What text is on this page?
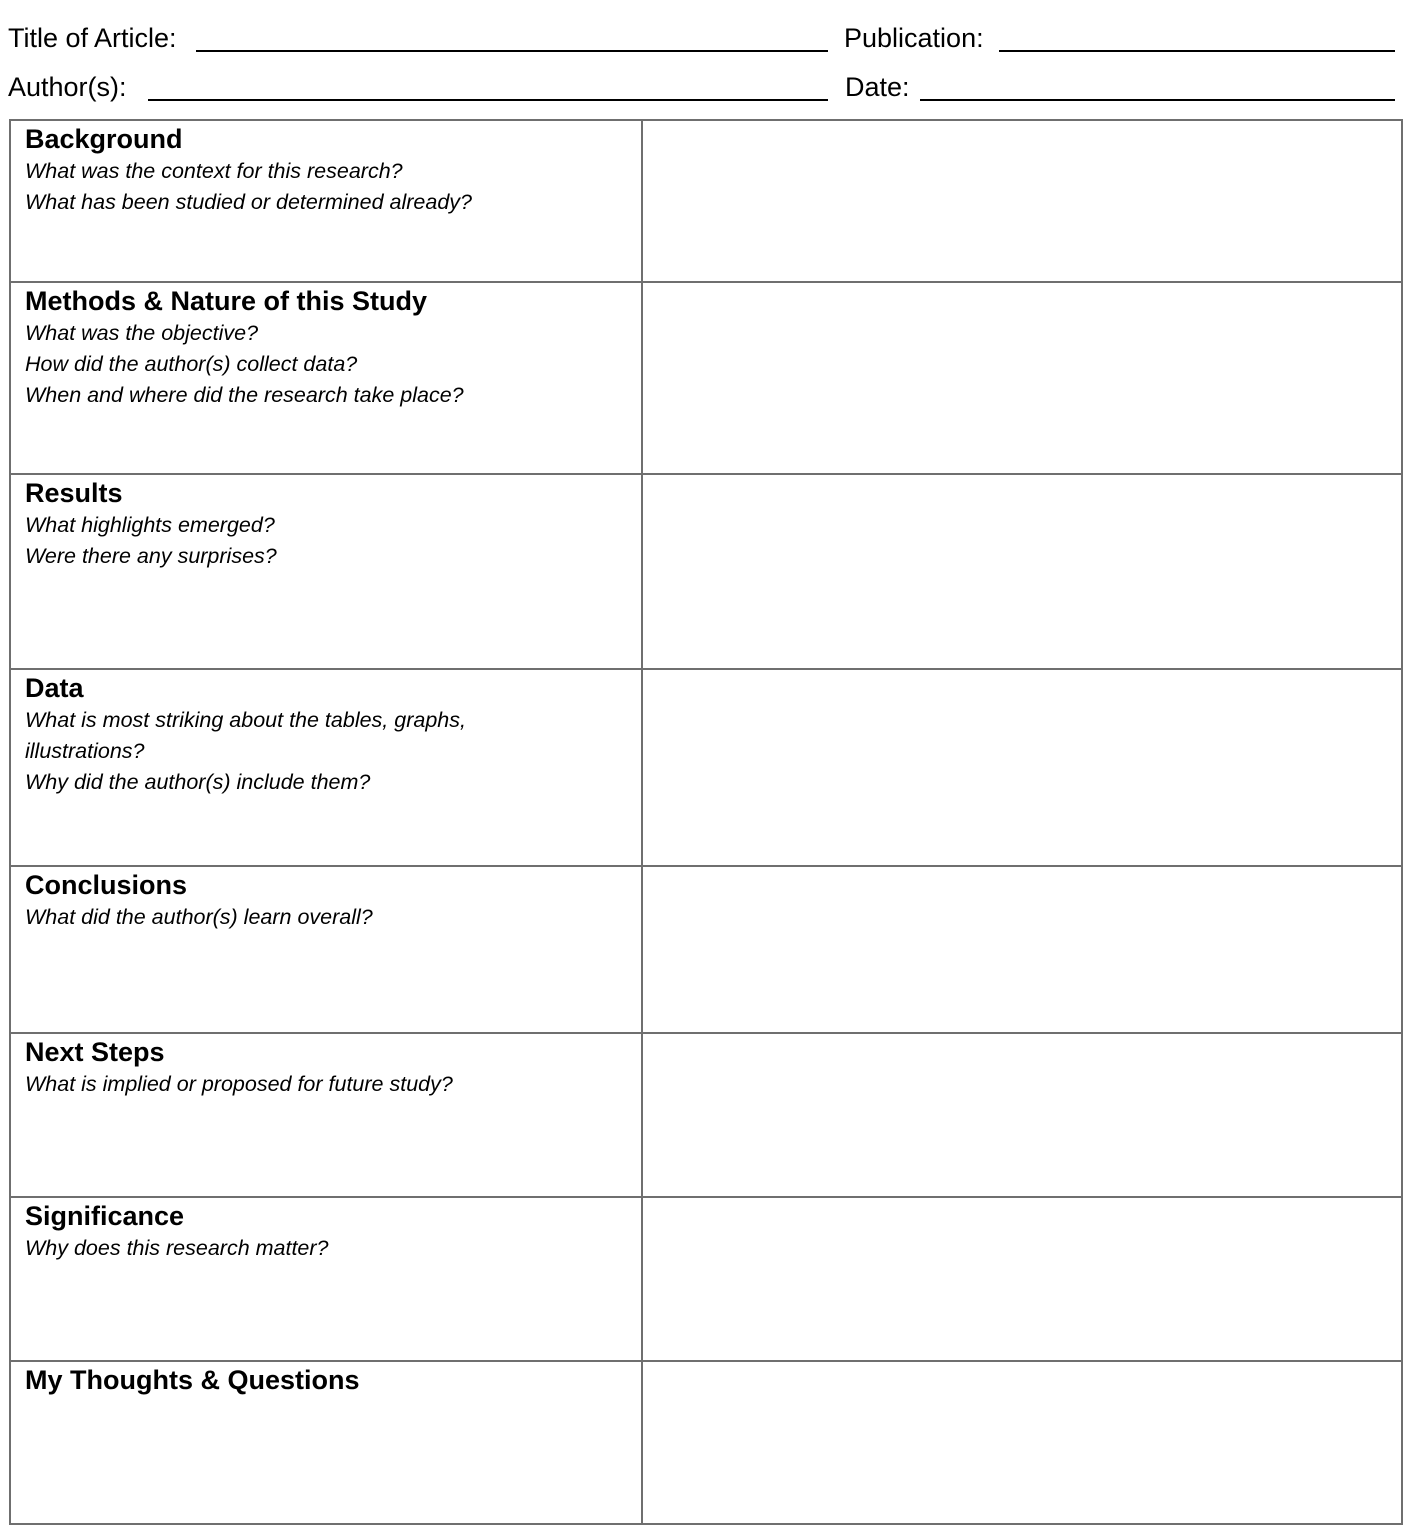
Title of Article:	Publication:
Author(s):	Date:
Background
What was the context for this research?
What has been studied or determined already?
Methods & Nature of this Study
What was the objective?
How did the author(s) collect data?
When and where did the research take place?
Results
What highlights emerged?
Were there any surprises?
Data
What is most striking about the tables, graphs, illustrations?
Why did the author(s) include them?
Conclusions
What did the author(s) learn overall?
Next Steps
What is implied or proposed for future study?
Significance
Why does this research matter?
My Thoughts & Questions
